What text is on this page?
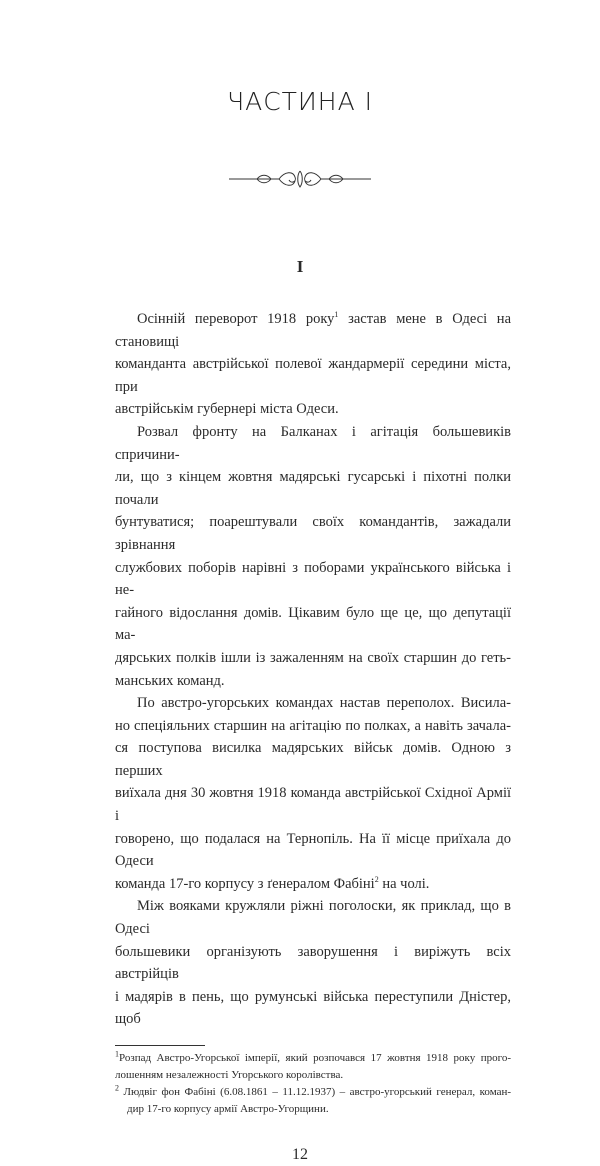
ЧАСТИНА I
I
Осінній переворот 1918 року$^1$ застав мене в Одесі на становищі
команданта австрійської полевої жандармерії середини міста, при
австрійськім губернері міста Одеси.
Розвал фронту на Балканах і агітація большевиків спричини-
ли, що з кінцем жовтня мадярські гусарські і піхотні полки почали
бунтуватися; поарештували своїх командантів, зажадали зрівнання
службових поборів нарівні з поборами українського війська і не-
гайного відослання домів. Цікавим було ще це, що депутації ма-
дярських полків ішли із зажаленням на своїх старшин до геть-
манських команд.
По австро-угорських командах настав переполох. Висила-
но спеціяльних старшин на агітацію по полках, а навіть зачала-
ся поступова висилка мадярських військ домів. Одною з перших
виїхала дня 30 жовтня 1918 команда австрійської Східної Армії і
говорено, що подалася на Тернопіль. На її місце приїхала до Одеси
команда 17-го корпусу з ґенералом Фабіні$^2$ на чолі.
Між вояками кружляли ріжні поголоски, як приклад, що в Одесі
большевики організують заворушення і виріжуть всіх австрійців
і мадярів в пень, що румунські війська переступили Дністер, щоб
$^1$Розпад Австро-Угорської імперії, який розпочався 17 жовтня 1918 року прого-
лошенням незалежності Угорського королівства.
$^2$ Людвіг фон Фабіні (6.08.1861 – 11.12.1937) – австро-угорський генерал, коман-
дир 17-го корпусу армії Австро-Угорщини.
12
